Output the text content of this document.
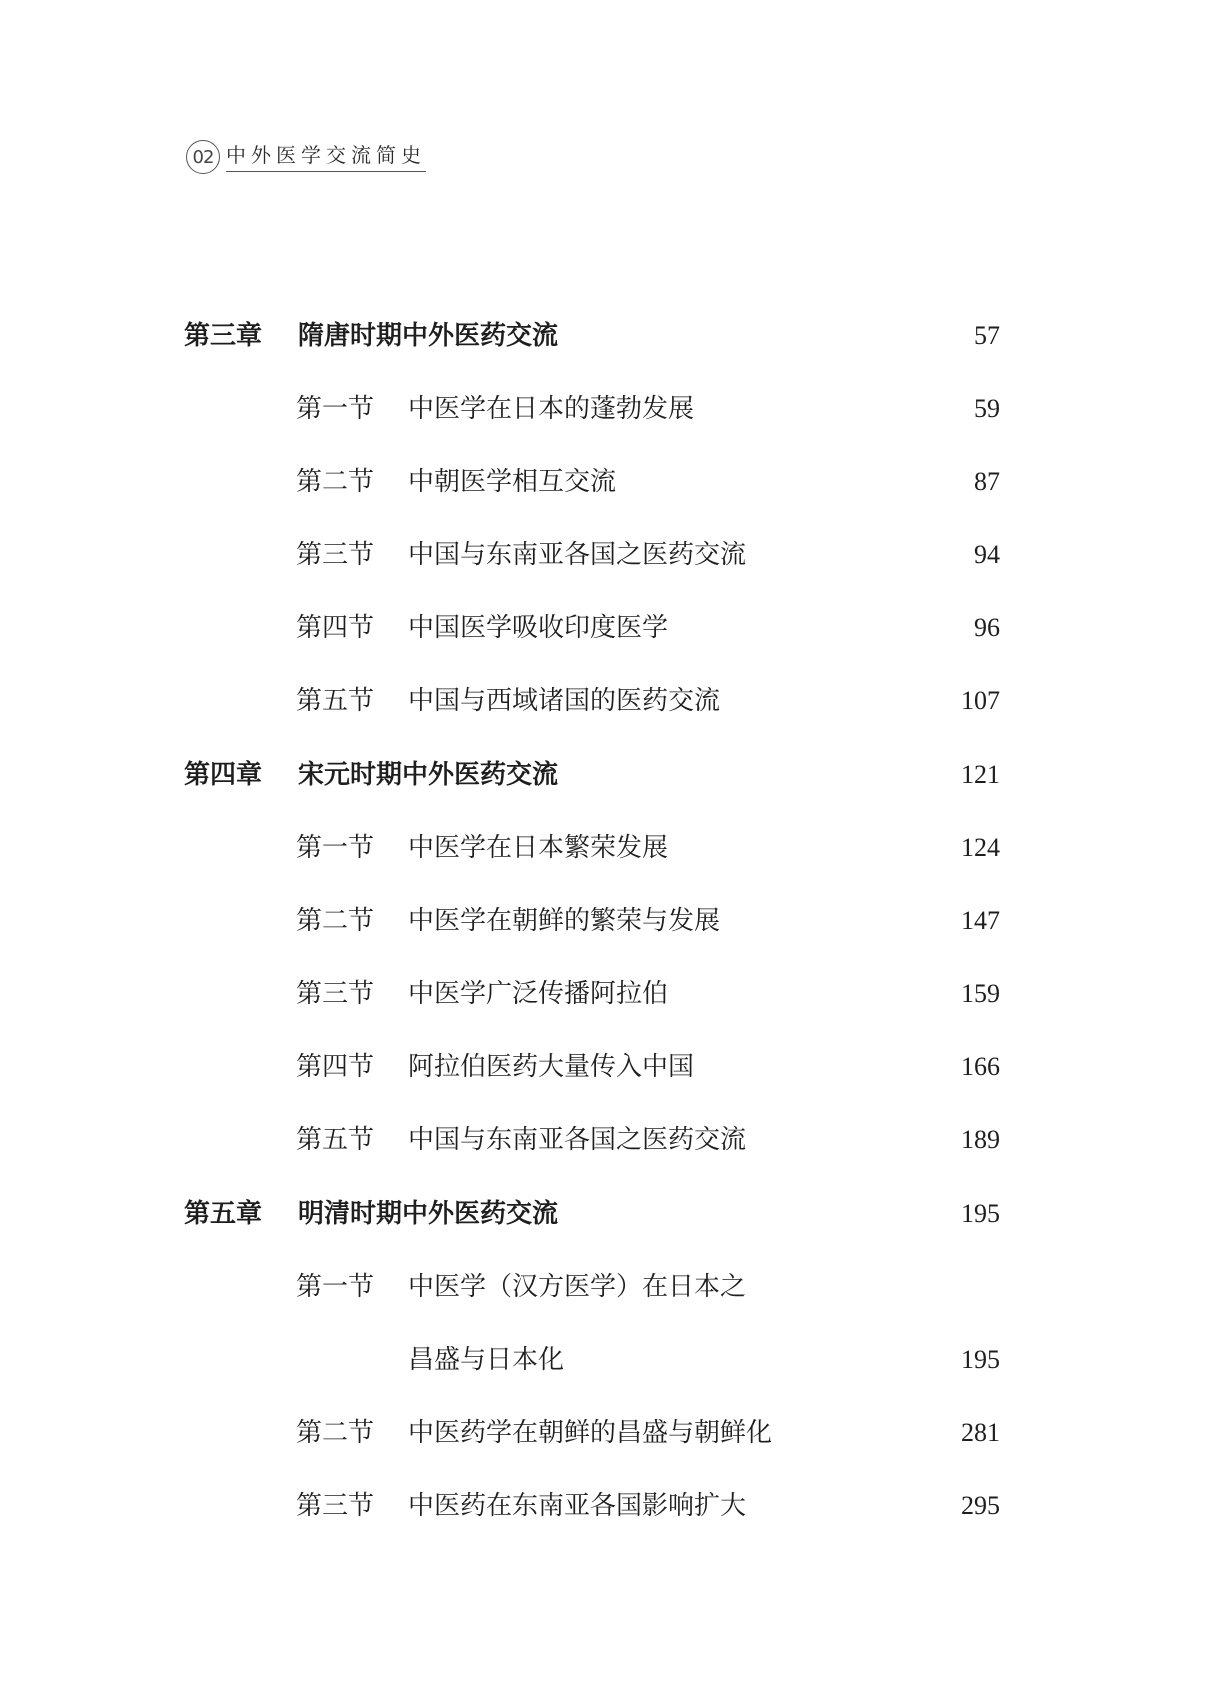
02 中外医学交流简史
第三章 隋唐时期中外医药交流	57
第一节 中医学在日本的蓬勃发展	59
第二节 中朝医学相互交流	87
第三节 中国与东南亚各国之医药交流	94
第四节 中国医学吸收印度医学	96
第五节 中国与西域诸国的医药交流	107
第四章 宋元时期中外医药交流	121
第一节 中医学在日本繁荣发展	124
第二节 中医学在朝鲜的繁荣与发展	147
第三节 中医学广泛传播阿拉伯	159
第四节 阿拉伯医药大量传入中国	166
第五节 中国与东南亚各国之医药交流	189
第五章 明清时期中外医药交流	195
第一节 中医学（汉方医学）在日本之
昌盛与日本化	195
第二节 中医药学在朝鲜的昌盛与朝鲜化	281
第三节 中医药在东南亚各国影响扩大	295
